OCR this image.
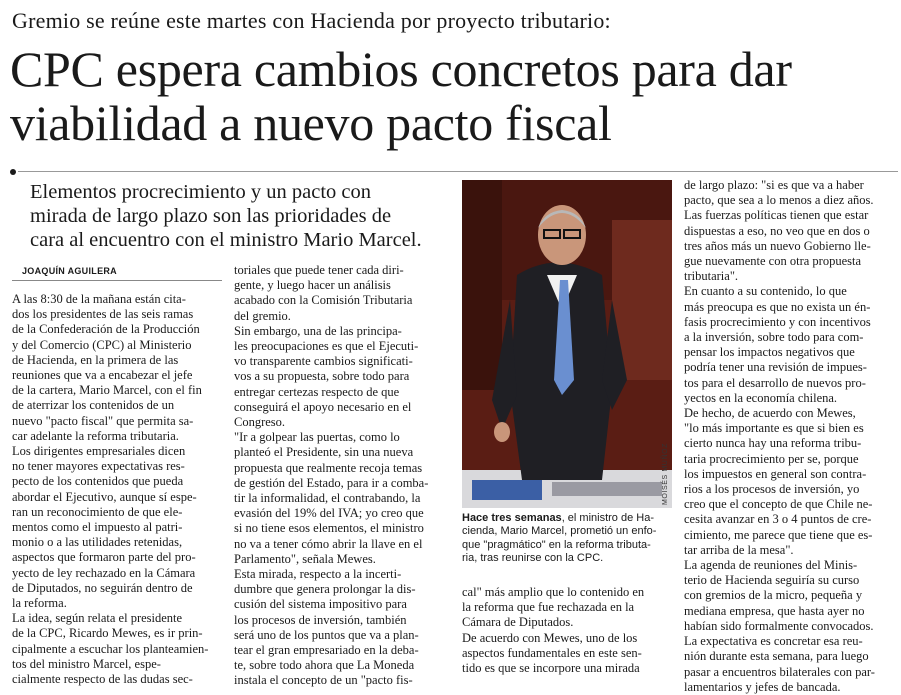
Gremio se reúne este martes con Hacienda por proyecto tributario:
CPC espera cambios concretos para dar
viabilidad a nuevo pacto fiscal
Elementos procrecimiento y un pacto con
mirada de largo plazo son las prioridades de
cara al encuentro con el ministro Mario Marcel.
JOAQUÍN AGUILERA
A las 8:30 de la mañana están cita-
dos los presidentes de las seis ramas
de la Confederación de la Producción
y del Comercio (CPC) al Ministerio
de Hacienda, en la primera de las
reuniones que va a encabezar el jefe
de la cartera, Mario Marcel, con el fin
de aterrizar los contenidos de un
nuevo "pacto fiscal" que permita sa-
car adelante la reforma tributaria.
Los dirigentes empresariales dicen
no tener mayores expectativas res-
pecto de los contenidos que pueda
abordar el Ejecutivo, aunque sí espe-
ran un reconocimiento de que ele-
mentos como el impuesto al patri-
monio o a las utilidades retenidas,
aspectos que formaron parte del pro-
yecto de ley rechazado en la Cámara
de Diputados, no seguirán dentro de
la reforma.
La idea, según relata el presidente
de la CPC, Ricardo Mewes, es ir prin-
cipalmente a escuchar los planteamien-
tos del ministro Marcel, espe-
cialmente respecto de las dudas sec-
toriales que puede tener cada diri-
gente, y luego hacer un análisis
acabado con la Comisión Tributaria
del gremio.
Sin embargo, una de las principa-
les preocupaciones es que el Ejecuti-
vo transparente cambios significati-
vos a su propuesta, sobre todo para
entregar certezas respecto de que
conseguirá el apoyo necesario en el
Congreso.
"Ir a golpear las puertas, como lo
planteó el Presidente, sin una nueva
propuesta que realmente recoja temas
de gestión del Estado, para ir a comba-
tir la informalidad, el contrabando, la
evasión del 19% del IVA; yo creo que
si no tiene esos elementos, el ministro
no va a tener cómo abrir la llave en el
Parlamento", señala Mewes.
Esta mirada, respecto a la incerti-
dumbre que genera prolongar la dis-
cusión del sistema impositivo para
los procesos de inversión, también
será uno de los puntos que va a plan-
tear el gran empresariado en la deba-
te, sobre todo ahora que La Moneda
instala el concepto de un "pacto fis-
MOISÉS MUÑOZ
Hace tres semanas, el ministro de Ha-
cienda, Mario Marcel, prometió un enfo-
que "pragmático" en la reforma tributa-
ria, tras reunirse con la CPC.
cal" más amplio que lo contenido en
la reforma que fue rechazada en la
Cámara de Diputados.
De acuerdo con Mewes, uno de los
aspectos fundamentales en este sen-
tido es que se incorpore una mirada
de largo plazo: "si es que va a haber
pacto, que sea a lo menos a diez años.
Las fuerzas políticas tienen que estar
dispuestas a eso, no veo que en dos o
tres años más un nuevo Gobierno lle-
gue nuevamente con otra propuesta
tributaria".
En cuanto a su contenido, lo que
más preocupa es que no exista un én-
fasis procrecimiento y con incentivos
a la inversión, sobre todo para com-
pensar los impactos negativos que
podría tener una revisión de impues-
tos para el desarrollo de nuevos pro-
yectos en la economía chilena.
De hecho, de acuerdo con Mewes,
"lo más importante es que si bien es
cierto nunca hay una reforma tribu-
taria procrecimiento per se, porque
los impuestos en general son contra-
rios a los procesos de inversión, yo
creo que el concepto de que Chile ne-
cesita avanzar en 3 o 4 puntos de cre-
cimiento, me parece que tiene que es-
tar arriba de la mesa".
La agenda de reuniones del Minis-
terio de Hacienda seguiría su curso
con gremios de la micro, pequeña y
mediana empresa, que hasta ayer no
habían sido formalmente convocados.
La expectativa es concretar esa reu-
nión durante esta semana, para luego
pasar a encuentros bilaterales con par-
lamentarios y jefes de bancada.
